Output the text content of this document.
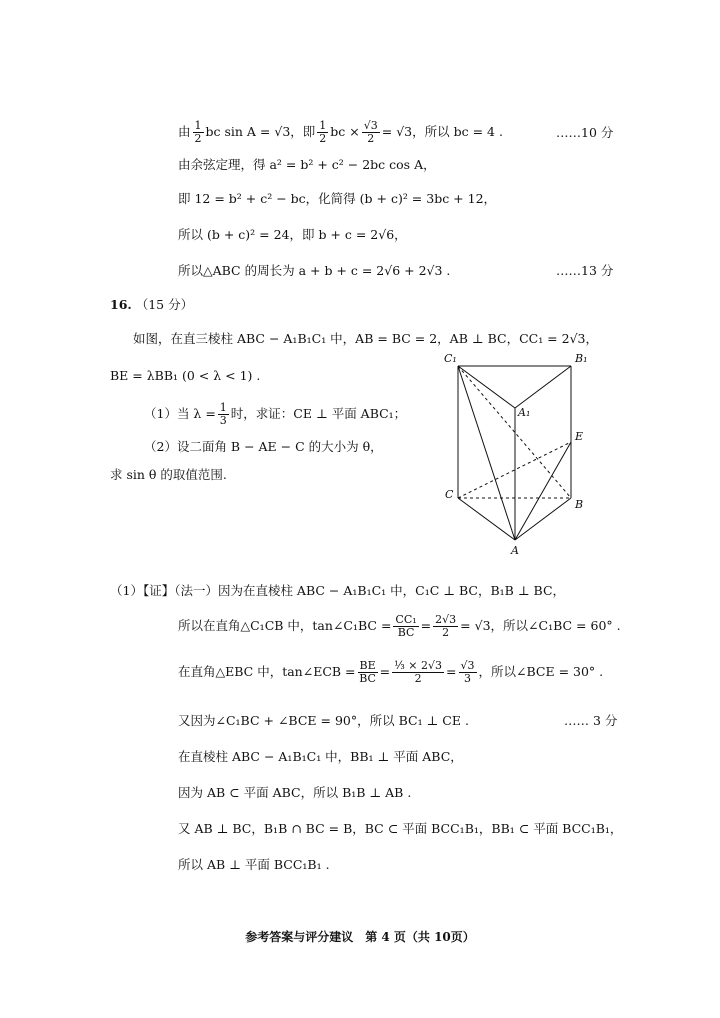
由 $\frac{1}{2}$ bc sin A = √3，即 $\frac{1}{2}$ bc × $\frac{√3}{2} = √3$，所以 bc = 4 .	……10 分
由余弦定理，得 a² = b² + c² − 2bc cos A，
即 12 = b² + c² − bc，化简得 (b + c)² = 3bc + 12，
所以 (b + c)² = 24，即 b + c = 2√6，
所以△ABC 的周长为 a + b + c = 2√6 + 2√3 .	……13 分
16. （15 分）
如图，在直三棱柱 ABC − A₁B₁C₁ 中，AB = BC = 2，AB ⊥ BC，CC₁ = 2√3，
BE = λBB₁ (0 < λ < 1) .
（1）当 $\lambda = \frac{1}{3}$ 时，求证：CE ⊥ 平面 ABC₁；
（2）设二面角 B − AE − C 的大小为 θ，
求 sin θ 的取值范围.
C₁	B₁
A₁
E
C
B
A
（1）【证】（法一）因为在直棱柱 ABC − A₁B₁C₁ 中，C₁C ⊥ BC，B₁B ⊥ BC，
所以在直角△C₁CB 中，tan∠C₁BC = $\frac{\text{CC₁}}{BC} = \frac{2√3}{2} = √3$，所以∠C₁BC = 60° .
在直角△EBC 中，tan∠ECB = $\frac{BE}{BC} = \frac{\text{⅓ × 2√3}}{2} = \frac{√3}{3}$ ，所以∠BCE = 30° .
又因为∠C₁BC + ∠BCE = 90°，所以 BC₁ ⊥ CE .	…… 3 分
在直棱柱 ABC − A₁B₁C₁ 中，BB₁ ⊥ 平面 ABC，
因为 AB ⊂ 平面 ABC，所以 B₁B ⊥ AB .
又 AB ⊥ BC，B₁B ∩ BC = B，BC ⊂ 平面 BCC₁B₁，BB₁ ⊂ 平面 BCC₁B₁，
所以 AB ⊥ 平面 BCC₁B₁ .
参考答案与评分建议　第 4 页（共 10页）
